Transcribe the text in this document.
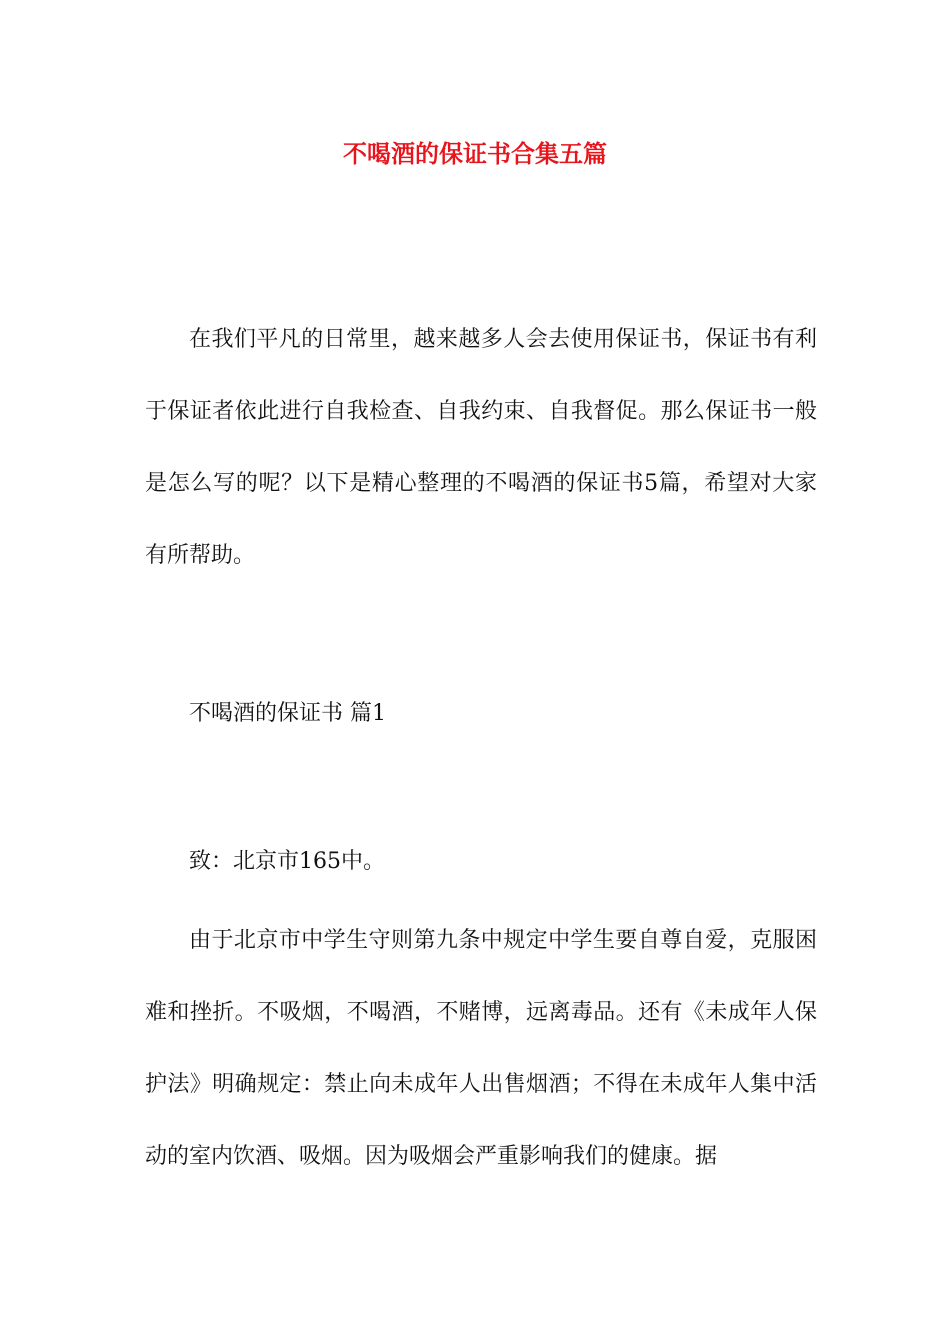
不喝酒的保证书合集五篇

在我们平凡的日常里，越来越多人会去使用保证书，保证书有利于保证者依此进行自我检查、自我约束、自我督促。那么保证书一般是怎么写的呢？以下是精心整理的不喝酒的保证书5篇，希望对大家有所帮助。

不喝酒的保证书 篇1

致：北京市165中。

由于北京市中学生守则第九条中规定中学生要自尊自爱，克服困难和挫折。不吸烟，不喝酒，不赌博，远离毒品。还有《未成年人保护法》明确规定：禁止向未成年人出售烟酒；不得在未成年人集中活动的室内饮酒、吸烟。因为吸烟会严重影响我们的健康。据
